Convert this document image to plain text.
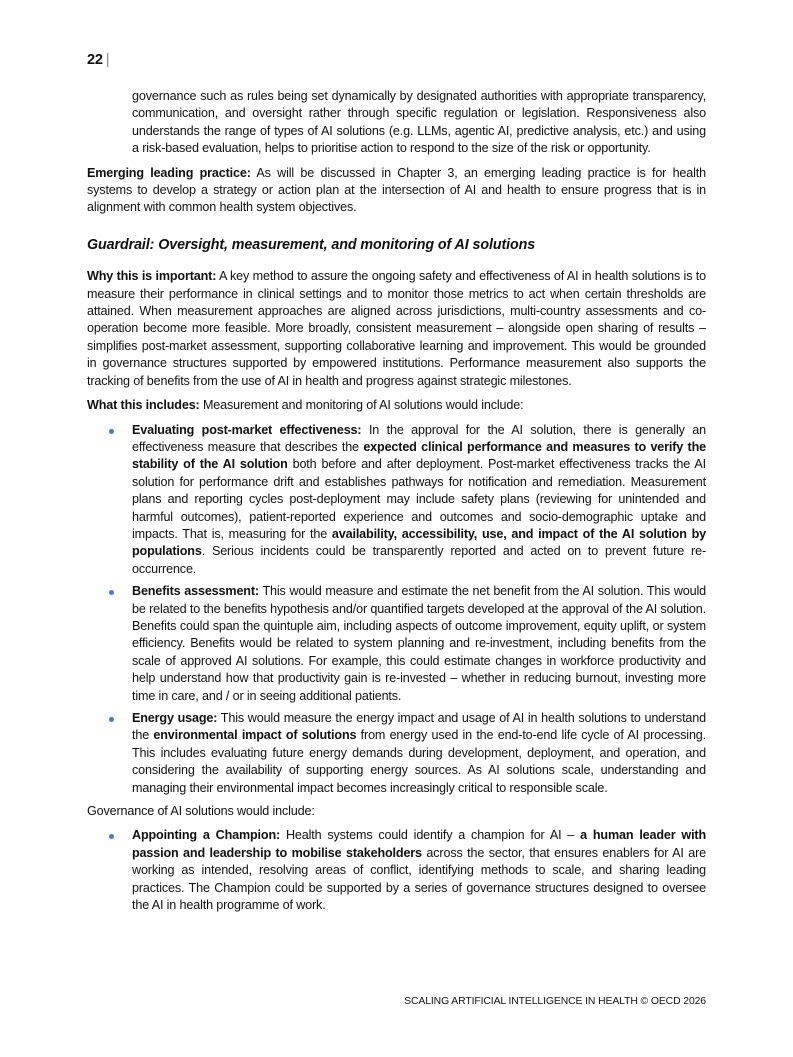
22 |

governance such as rules being set dynamically by designated authorities with appropriate transparency, communication, and oversight rather through specific regulation or legislation. Responsiveness also understands the range of types of AI solutions (e.g. LLMs, agentic AI, predictive analysis, etc.) and using a risk-based evaluation, helps to prioritise action to respond to the size of the risk or opportunity.

Emerging leading practice: As will be discussed in Chapter 3, an emerging leading practice is for health systems to develop a strategy or action plan at the intersection of AI and health to ensure progress that is in alignment with common health system objectives.

Guardrail: Oversight, measurement, and monitoring of AI solutions

Why this is important: A key method to assure the ongoing safety and effectiveness of AI in health solutions is to measure their performance in clinical settings and to monitor those metrics to act when certain thresholds are attained. When measurement approaches are aligned across jurisdictions, multi-country assessments and co-operation become more feasible. More broadly, consistent measurement – alongside open sharing of results – simplifies post-market assessment, supporting collaborative learning and improvement. This would be grounded in governance structures supported by empowered institutions. Performance measurement also supports the tracking of benefits from the use of AI in health and progress against strategic milestones.

What this includes: Measurement and monitoring of AI solutions would include:

Evaluating post-market effectiveness: In the approval for the AI solution, there is generally an effectiveness measure that describes the expected clinical performance and measures to verify the stability of the AI solution both before and after deployment. Post-market effectiveness tracks the AI solution for performance drift and establishes pathways for notification and remediation. Measurement plans and reporting cycles post-deployment may include safety plans (reviewing for unintended and harmful outcomes), patient-reported experience and outcomes and socio-demographic uptake and impacts. That is, measuring for the availability, accessibility, use, and impact of the AI solution by populations. Serious incidents could be transparently reported and acted on to prevent future re-occurrence.
Benefits assessment: This would measure and estimate the net benefit from the AI solution. This would be related to the benefits hypothesis and/or quantified targets developed at the approval of the AI solution. Benefits could span the quintuple aim, including aspects of outcome improvement, equity uplift, or system efficiency. Benefits would be related to system planning and re-investment, including benefits from the scale of approved AI solutions. For example, this could estimate changes in workforce productivity and help understand how that productivity gain is re-invested – whether in reducing burnout, investing more time in care, and / or in seeing additional patients.
Energy usage: This would measure the energy impact and usage of AI in health solutions to understand the environmental impact of solutions from energy used in the end-to-end life cycle of AI processing. This includes evaluating future energy demands during development, deployment, and operation, and considering the availability of supporting energy sources. As AI solutions scale, understanding and managing their environmental impact becomes increasingly critical to responsible scale.

Governance of AI solutions would include:

Appointing a Champion: Health systems could identify a champion for AI – a human leader with passion and leadership to mobilise stakeholders across the sector, that ensures enablers for AI are working as intended, resolving areas of conflict, identifying methods to scale, and sharing leading practices. The Champion could be supported by a series of governance structures designed to oversee the AI in health programme of work.
SCALING ARTIFICIAL INTELLIGENCE IN HEALTH © OECD 2026
